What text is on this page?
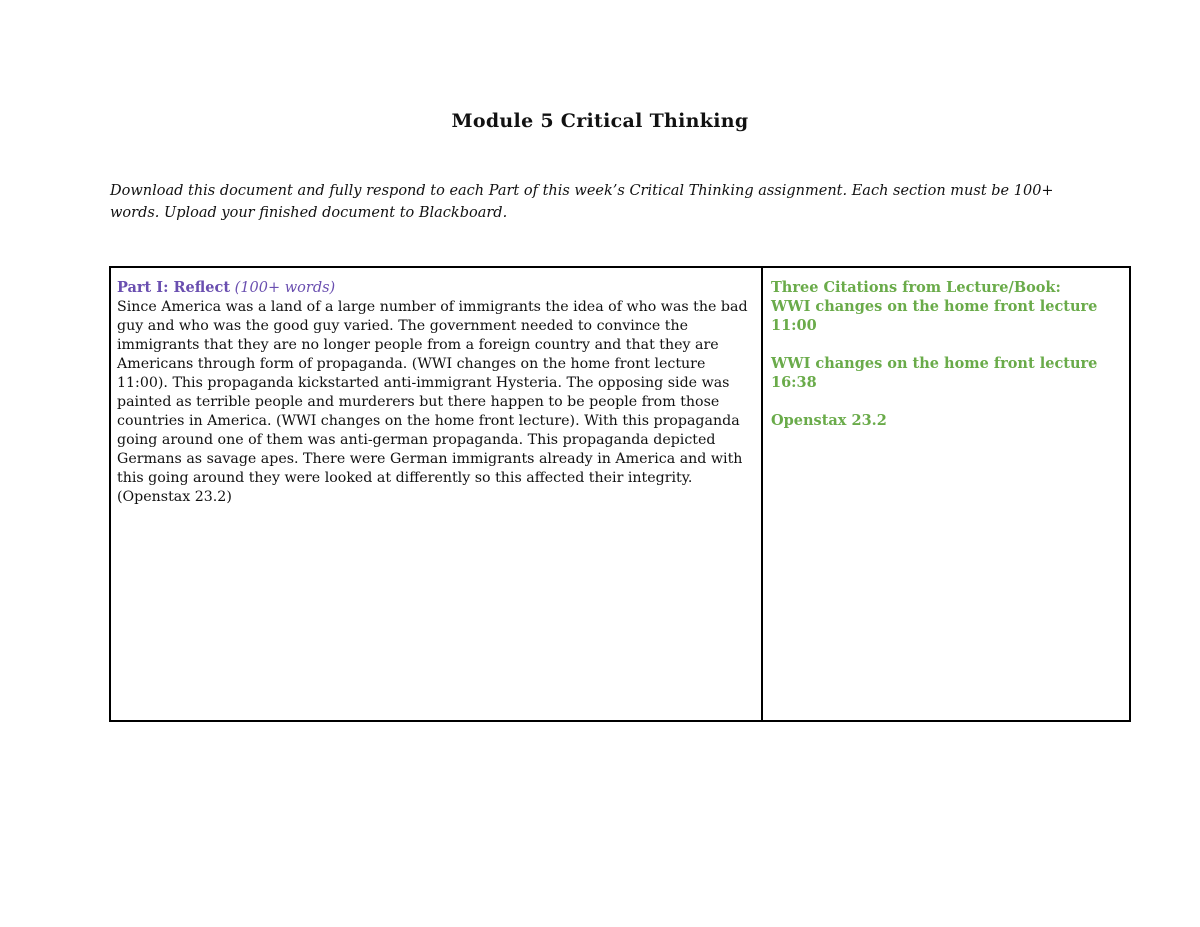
Module 5 Critical Thinking
Download this document and fully respond to each Part of this week’s Critical Thinking assignment. Each section must be 100+ words. Upload your finished document to Blackboard.
Part I: Reflect (100+ words)
Since America was a land of a large number of immigrants the idea of who was the bad guy and who was the good guy varied. The government needed to convince the immigrants that they are no longer people from a foreign country and that they are Americans through form of propaganda. (WWI changes on the home front lecture 11:00). This propaganda kickstarted anti-immigrant Hysteria. The opposing side was painted as terrible people and murderers but there happen to be people from those countries in America. (WWI changes on the home front lecture). With this propaganda going around one of them was anti-german propaganda. This propaganda depicted Germans as savage apes. There were German immigrants already in America and with this going around they were looked at differently so this affected their integrity.(Openstax 23.2)

Three Citations from Lecture/Book:

WWI changes on the home front lecture 11:00

WWI changes on the home front lecture 16:38

Openstax 23.2
